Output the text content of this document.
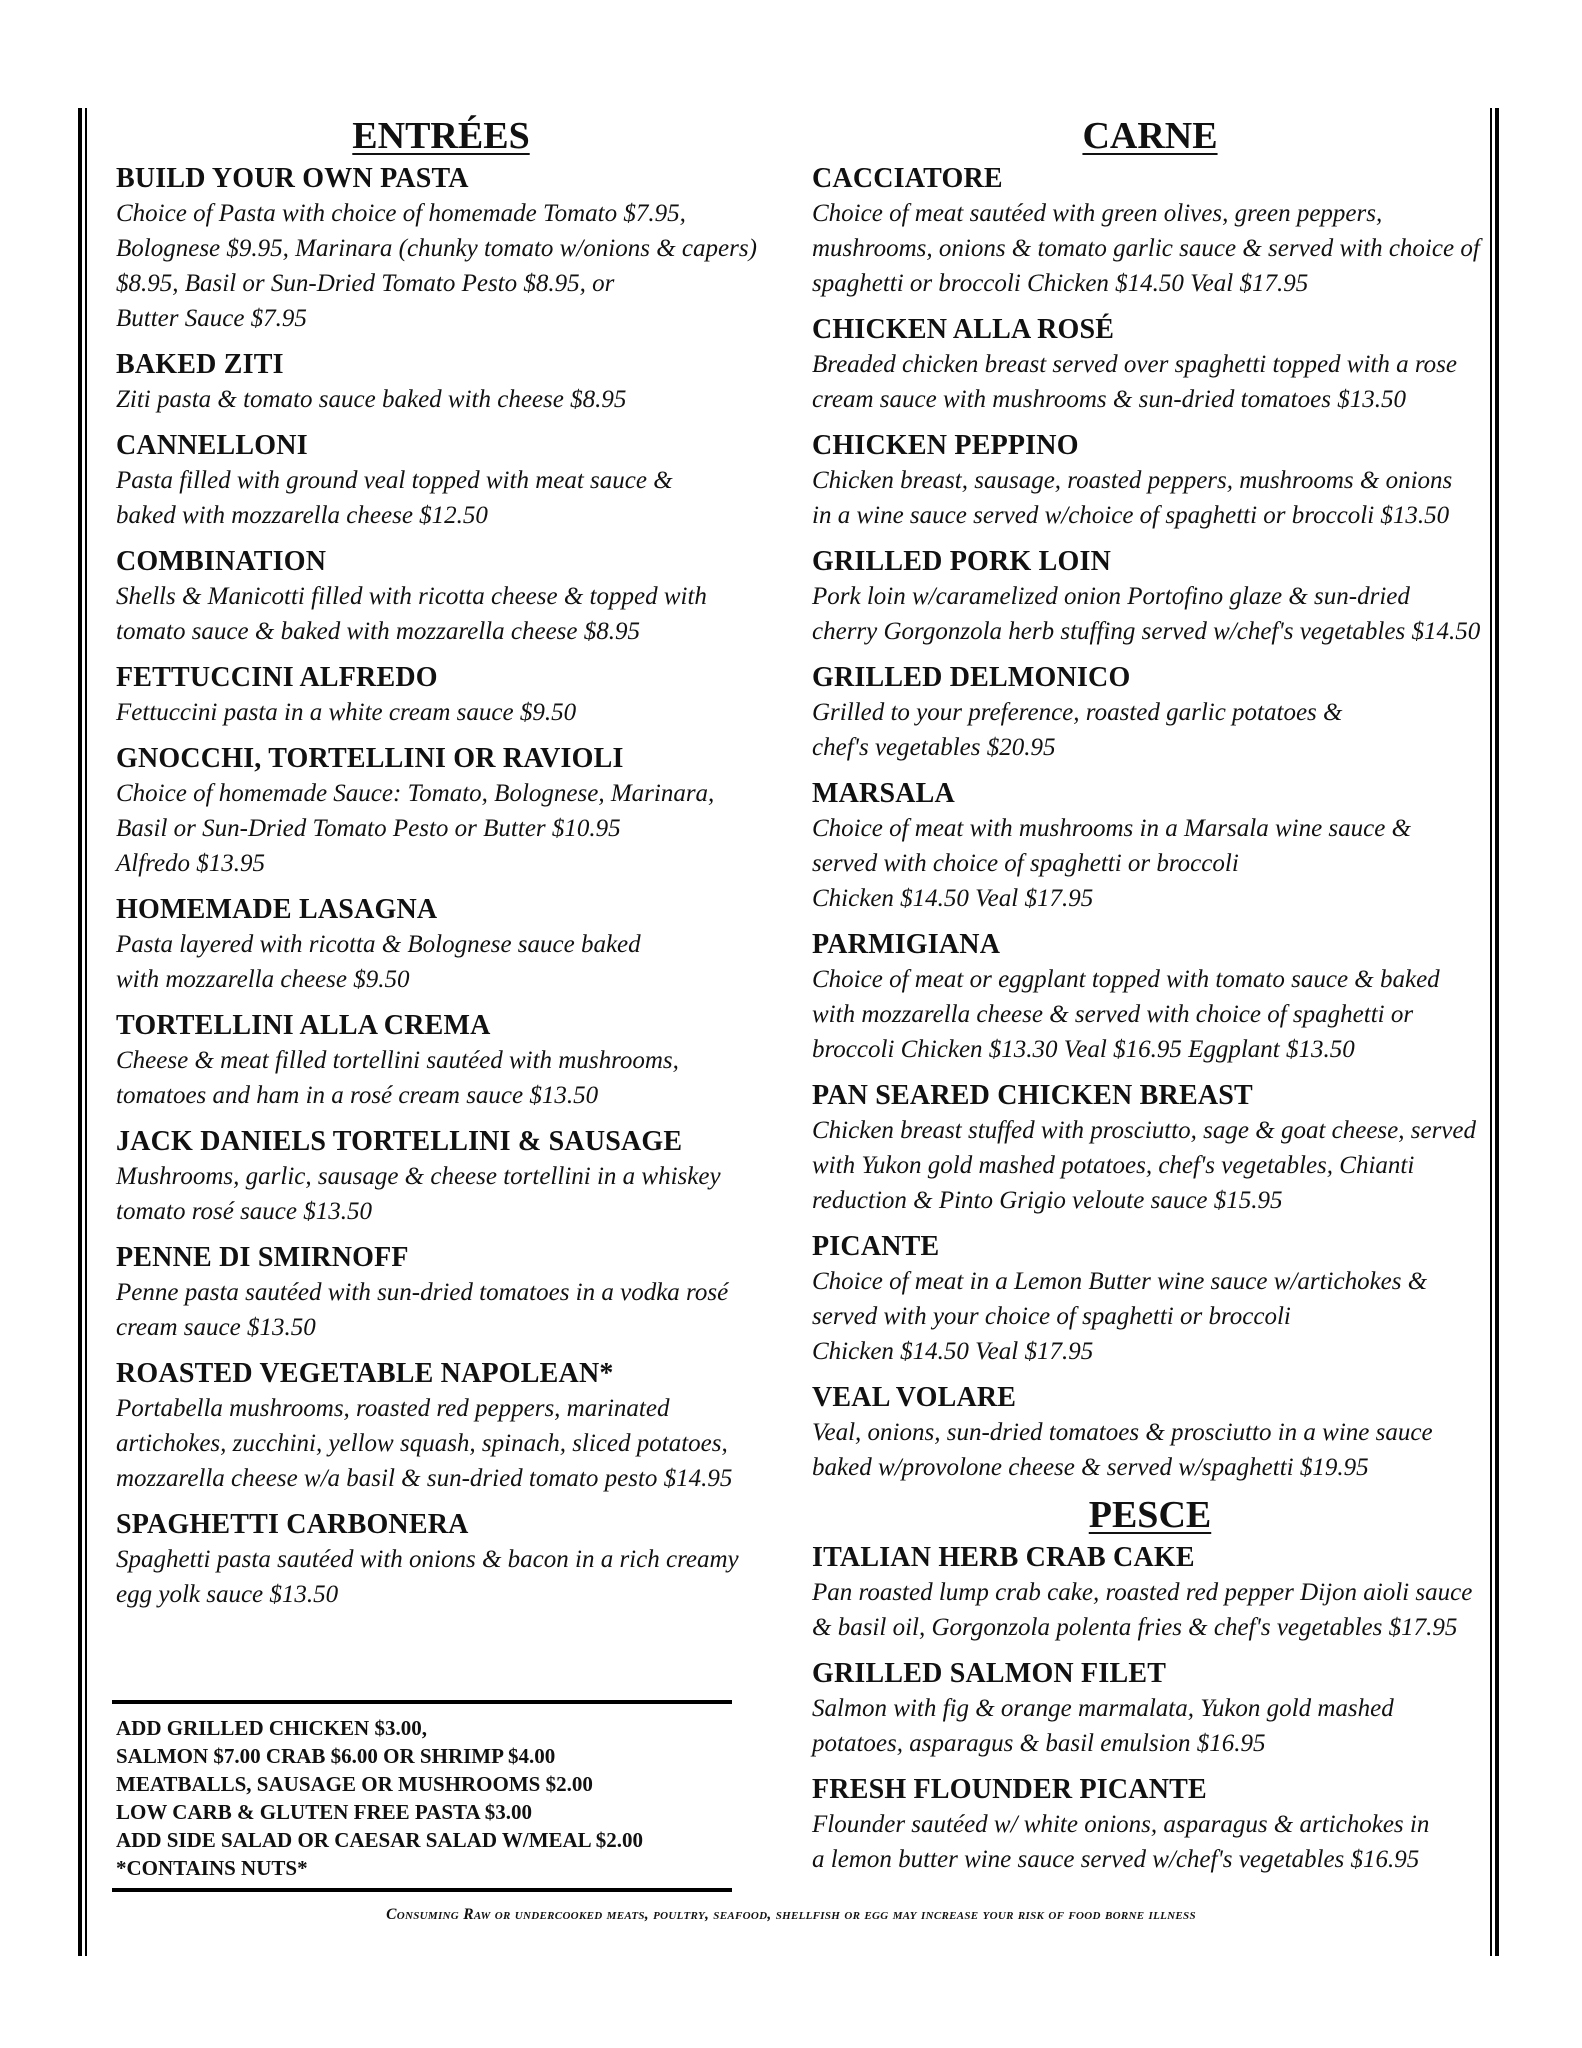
ENTRÉES
BUILD YOUR OWN PASTA
Choice of Pasta with choice of homemade Tomato $7.95,
Bolognese $9.95, Marinara (chunky tomato w/onions & capers)
$8.95, Basil or Sun-Dried Tomato Pesto $8.95, or
Butter Sauce $7.95
BAKED ZITI
Ziti pasta & tomato sauce baked with cheese $8.95
CANNELLONI
Pasta filled with ground veal topped with meat sauce &
baked with mozzarella cheese $12.50
COMBINATION
Shells & Manicotti filled with ricotta cheese & topped with
tomato sauce & baked with mozzarella cheese $8.95
FETTUCCINI ALFREDO
Fettuccini pasta in a white cream sauce $9.50
GNOCCHI, TORTELLINI OR RAVIOLI
Choice of homemade Sauce: Tomato, Bolognese, Marinara,
Basil or Sun-Dried Tomato Pesto or Butter $10.95
Alfredo $13.95
HOMEMADE LASAGNA
Pasta layered with ricotta & Bolognese sauce baked
with mozzarella cheese $9.50
TORTELLINI ALLA CREMA
Cheese & meat filled tortellini sautéed with mushrooms,
tomatoes and ham in a rosé cream sauce $13.50
JACK DANIELS TORTELLINI & SAUSAGE
Mushrooms, garlic, sausage & cheese tortellini in a whiskey
tomato rosé sauce $13.50
PENNE DI SMIRNOFF
Penne pasta sautéed with sun-dried tomatoes in a vodka rosé
cream sauce $13.50
ROASTED VEGETABLE NAPOLEAN*
Portabella mushrooms, roasted red peppers, marinated
artichokes, zucchini, yellow squash, spinach, sliced potatoes,
mozzarella cheese w/a basil & sun-dried tomato pesto $14.95
SPAGHETTI CARBONERA
Spaghetti pasta sautéed with onions & bacon in a rich creamy
egg yolk sauce $13.50
CARNE
CACCIATORE
Choice of meat sautéed with green olives, green peppers,
mushrooms, onions & tomato garlic sauce & served with choice of
spaghetti or broccoli Chicken $14.50 Veal $17.95
CHICKEN ALLA ROSÉ
Breaded chicken breast served over spaghetti topped with a rose
cream sauce with mushrooms & sun-dried tomatoes $13.50
CHICKEN PEPPINO
Chicken breast, sausage, roasted peppers, mushrooms & onions
in a wine sauce served w/choice of spaghetti or broccoli $13.50
GRILLED PORK LOIN
Pork loin w/caramelized onion Portofino glaze & sun-dried
cherry Gorgonzola herb stuffing served w/chef's vegetables $14.50
GRILLED DELMONICO
Grilled to your preference, roasted garlic potatoes &
chef's vegetables $20.95
MARSALA
Choice of meat with mushrooms in a Marsala wine sauce &
served with choice of spaghetti or broccoli
Chicken $14.50 Veal $17.95
PARMIGIANA
Choice of meat or eggplant topped with tomato sauce & baked
with mozzarella cheese & served with choice of spaghetti or
broccoli Chicken $13.30 Veal $16.95 Eggplant $13.50
PAN SEARED CHICKEN BREAST
Chicken breast stuffed with prosciutto, sage & goat cheese, served
with Yukon gold mashed potatoes, chef's vegetables, Chianti
reduction & Pinto Grigio veloute sauce $15.95
PICANTE
Choice of meat in a Lemon Butter wine sauce w/artichokes &
served with your choice of spaghetti or broccoli
Chicken $14.50 Veal $17.95
VEAL VOLARE
Veal, onions, sun-dried tomatoes & prosciutto in a wine sauce
baked w/provolone cheese & served w/spaghetti $19.95
PESCE
ITALIAN HERB CRAB CAKE
Pan roasted lump crab cake, roasted red pepper Dijon aioli sauce
& basil oil, Gorgonzola polenta fries & chef's vegetables $17.95
GRILLED SALMON FILET
Salmon with fig & orange marmalata, Yukon gold mashed
potatoes, asparagus & basil emulsion $16.95
FRESH FLOUNDER PICANTE
Flounder sautéed w/ white onions, asparagus & artichokes in
a lemon butter wine sauce served w/chef's vegetables $16.95
ADD GRILLED CHICKEN $3.00,
SALMON $7.00 CRAB $6.00 OR SHRIMP $4.00
MEATBALLS, SAUSAGE OR MUSHROOMS $2.00
LOW CARB & GLUTEN FREE PASTA $3.00
ADD SIDE SALAD OR CAESAR SALAD W/MEAL $2.00
*CONTAINS NUTS*
Consuming Raw or undercooked meats, poultry, seafood, shellfish or egg may increase your risk of food borne illness
